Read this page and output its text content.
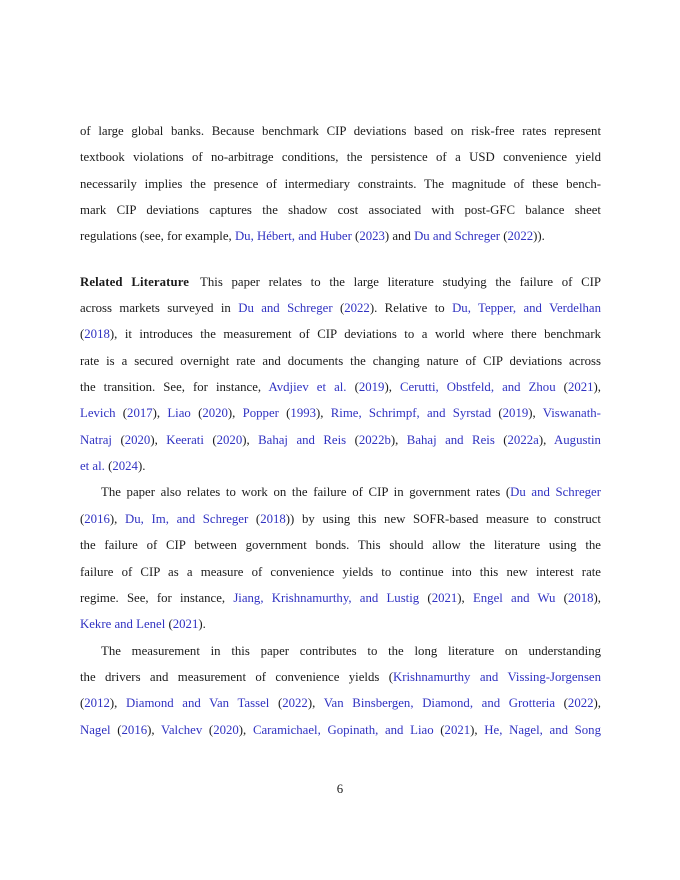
of large global banks. Because benchmark CIP deviations based on risk-free rates represent
textbook violations of no-arbitrage conditions, the persistence of a USD convenience yield
necessarily implies the presence of intermediary constraints. The magnitude of these bench-
mark CIP deviations captures the shadow cost associated with post-GFC balance sheet
regulations (see, for example, Du, Hébert, and Huber (2023) and Du and Schreger (2022)).
Related Literature This paper relates to the large literature studying the failure of CIP
across markets surveyed in Du and Schreger (2022). Relative to Du, Tepper, and Verdelhan
(2018), it introduces the measurement of CIP deviations to a world where there benchmark
rate is a secured overnight rate and documents the changing nature of CIP deviations across
the transition. See, for instance, Avdjiev et al. (2019), Cerutti, Obstfeld, and Zhou (2021),
Levich (2017), Liao (2020), Popper (1993), Rime, Schrimpf, and Syrstad (2019), Viswanath-
Natraj (2020), Keerati (2020), Bahaj and Reis (2022b), Bahaj and Reis (2022a), Augustin
et al. (2024).
The paper also relates to work on the failure of CIP in government rates (Du and Schreger
(2016), Du, Im, and Schreger (2018)) by using this new SOFR-based measure to construct
the failure of CIP between government bonds. This should allow the literature using the
failure of CIP as a measure of convenience yields to continue into this new interest rate
regime. See, for instance, Jiang, Krishnamurthy, and Lustig (2021), Engel and Wu (2018),
Kekre and Lenel (2021).
The measurement in this paper contributes to the long literature on understanding
the drivers and measurement of convenience yields (Krishnamurthy and Vissing-Jorgensen
(2012), Diamond and Van Tassel (2022), Van Binsbergen, Diamond, and Grotteria (2022),
Nagel (2016), Valchev (2020), Caramichael, Gopinath, and Liao (2021), He, Nagel, and Song
6
